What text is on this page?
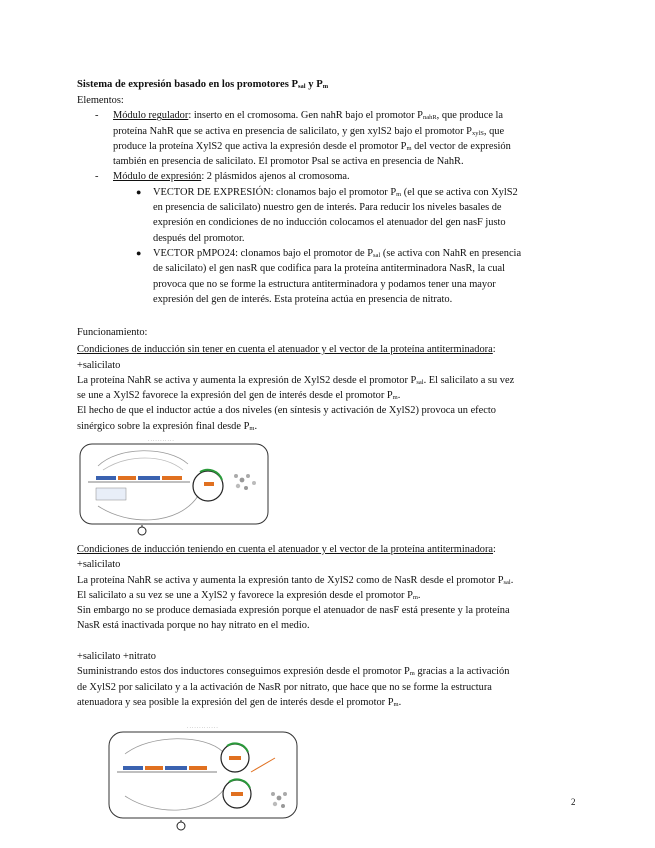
Sistema de expresión basado en los promotores $P_{sal}$ y $P_m$
Elementos:
- Módulo regulador: inserto en el cromosoma. Gen nahR bajo el promotor $P_{nahR}$, que produce la
proteína NahR que se activa en presencia de salicilato, y gen xylS2 bajo el promotor $P_{xylS}$, que
produce la proteína XylS2 que activa la expresión desde el promotor $P_m$ del vector de expresión
también en presencia de salicilato. El promotor Psal se activa en presencia de NahR.
- Módulo de expresión: 2 plásmidos ajenos al cromosoma.
● VECTOR DE EXPRESIÓN: clonamos bajo el promotor $P_m$ (el que se activa con XylS2
en presencia de salicilato) nuestro gen de interés. Para reducir los niveles basales de
expresión en condiciones de no inducción colocamos el atenuador del gen nasF justo
después del promotor.
● VECTOR pMPO24: clonamos bajo el promotor de $P_{sal}$ (se activa con NahR en presencia
de salicilato) el gen nasR que codifica para la proteína antiterminadora NasR, la cual
provoca que no se forme la estructura antiterminadora y podamos tener una mayor
expresión del gen de interés. Esta proteína actúa en presencia de nitrato.
Funcionamiento:
Condiciones de inducción sin tener en cuenta el atenuador y el vector de la proteína antiterminadora:
+salicilato
La proteína NahR se activa y aumenta la expresión de XylS2 desde el promotor $P_{sal}$. El salicilato a su vez
se une a XylS2 favorece la expresión del gen de interés desde el promotor $P_m$.
El hecho de que el inductor actúe a dos niveles (en síntesis y activación de XylS2) provoca un efecto
sinérgico sobre la expresión final desde $P_m$.
· · · · · · · · · · ·
Condiciones de inducción teniendo en cuenta el atenuador y el vector de la proteína antiterminadora:
+salicilato
La proteína NahR se activa y aumenta la expresión tanto de XylS2 como de NasR desde el promotor $P_{sal}$.
El salicilato a su vez se une a XylS2 y favorece la expresión desde el promotor $P_m$.
Sin embargo no se produce demasiada expresión porque el atenuador de nasF está presente y la proteína
NasR está inactivada porque no hay nitrato en el medio.

+salicilato +nitrato
Suministrando estos dos inductores conseguimos expresión desde el promotor $P_m$ gracias a la activación
de XylS2 por salicilato y a la activación de NasR por nitrato, que hace que no se forme la estructura
atenuadora y sea posible la expresión del gen de interés desde el promotor $P_m$.
· · · · · · · · · · · · ·
2
